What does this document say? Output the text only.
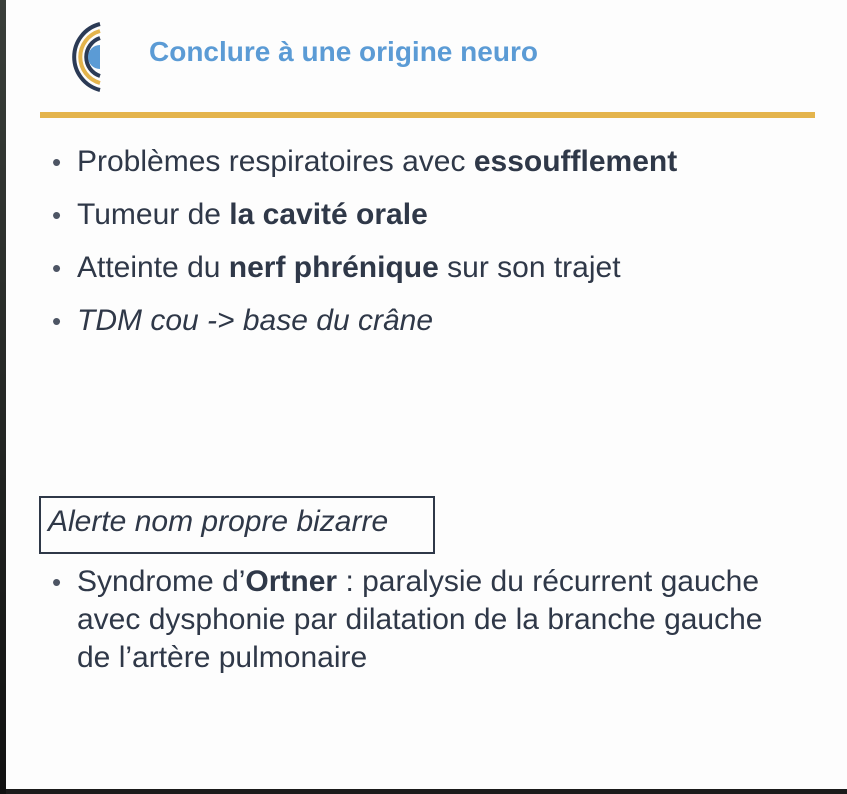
Conclure à une origine neuro
• Problèmes respiratoires avec essoufflement
• Tumeur de la cavité orale
• Atteinte du nerf phrénique sur son trajet
• TDM cou -> base du crâne
Alerte nom propre bizarre
• Syndrome d’Ortner : paralysie du récurrent gauche avec dysphonie par dilatation de la branche gauche de l’artère pulmonaire
